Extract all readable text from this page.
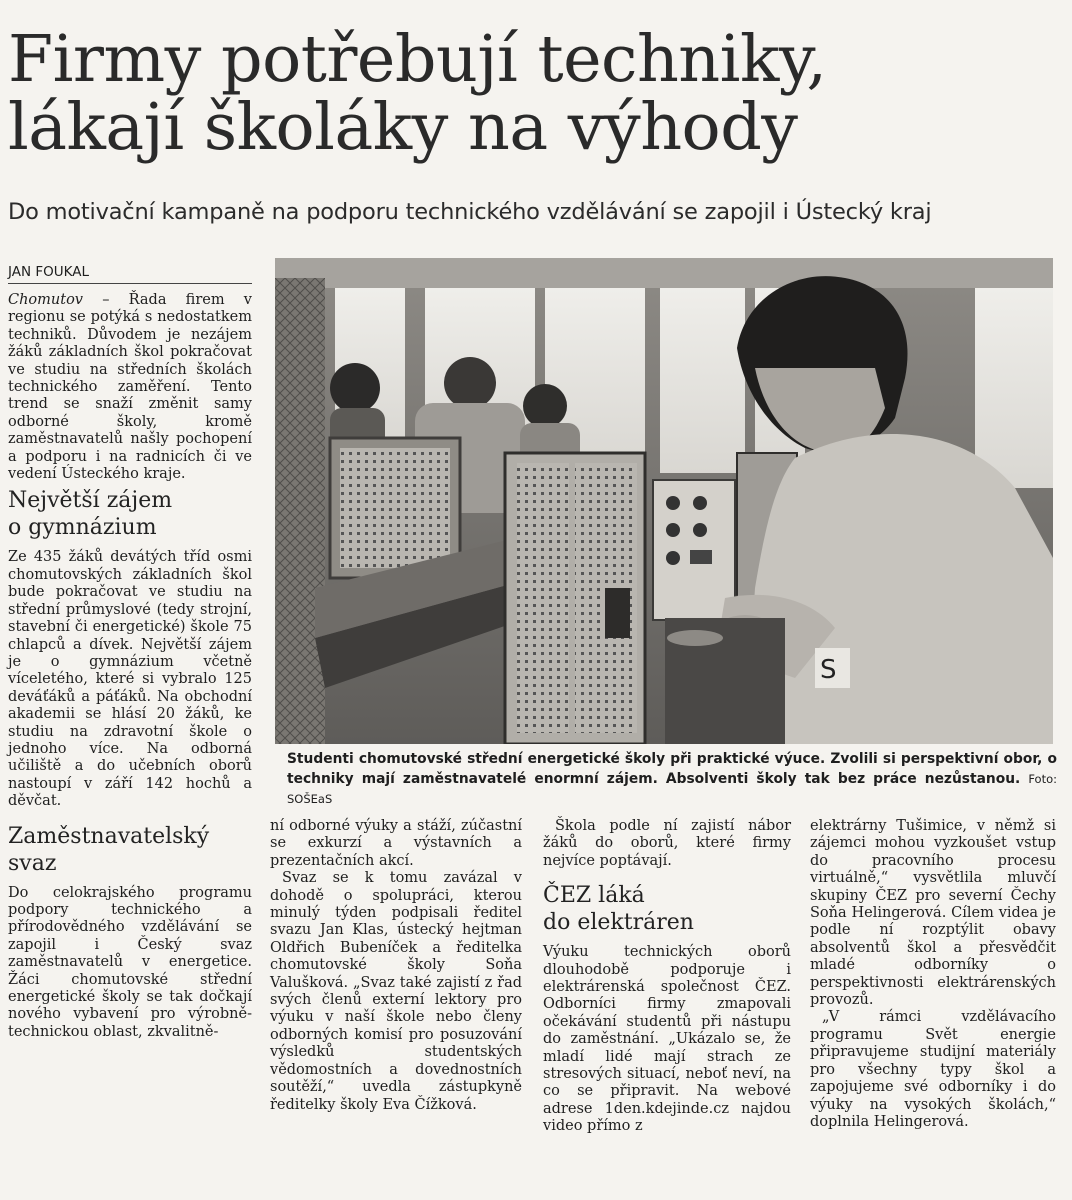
Firmy potřebují techniky,
lákají školáky na výhody
Do motivační kampaně na podporu technického vzdělávání se zapojil i Ústecký kraj
JAN FOUKAL

Chomutov – Řada firem v regionu se potýká s nedostatkem techniků. Důvodem je nezájem žáků základních škol pokračovat ve studiu na středních školách technického zaměření. Tento trend se snaží změnit samy odborné školy, kromě zaměstnavatelů našly pochopení a podporu i na radnicích či ve vedení Ústeckého kraje.

Největší zájem
o gymnázium

Ze 435 žáků devátých tříd osmi chomutovských základních škol bude pokračovat ve studiu na střední průmyslové (tedy strojní, stavební či energetické) škole 75 chlapců a dívek. Největší zájem je o gymnázium včetně víceletého, které si vybralo 125 deváťáků a páťáků. Na obchodní akademii se hlásí 20 žáků, ke studiu na zdravotní škole o jednoho více. Na odborná učiliště a do učebních oborů nastoupí v září 142 hochů a děvčat.

Zaměstnavatelský
svaz

Do celokrajského programu podpory technického a přírodovědného vzdělávání se zapojil i Český svaz zaměstnavatelů v energetice. Žáci chomutovské střední energetické školy se tak dočkají nového vybavení pro výrobně-technickou oblast, zkvalitně-

S
Studenti chomutovské střední energetické školy při praktické výuce. Zvolili si perspektivní obor, o techniky mají zaměstnavatelé enormní zájem. Absolventi školy tak bez práce nezůstanou. Foto: SOŠEaS

ní odborné výuky a stáží, zúčastní se exkurzí a výstavních a prezentačních akcí.

Svaz se k tomu zavázal v dohodě o spolupráci, kterou minulý týden podpisali ředitel svazu Jan Klas, ústecký hejtman Oldřich Bubeníček a ředitelka chomutovské školy Soňa Valušková. „Svaz také zajistí z řad svých členů externí lektory pro výuku v naší škole nebo členy odborných komisí pro posuzování výsledků studentských vědomostních a dovednostních soutěží,“ uvedla zástupkyně ředitelky školy Eva Čížková.

Škola podle ní zajistí nábor žáků do oborů, které firmy nejvíce poptávají.

ČEZ láká
do elektráren

Výuku technických oborů dlouhodobě podporuje i elektrárenská společnost ČEZ. Odborníci firmy zmapovali očekávání studentů při nástupu do zaměstnání. „Ukázalo se, že mladí lidé mají strach ze stresových situací, neboť neví, na co se připravit. Na webové adrese 1den.kdejinde.cz najdou video přímo z

elektrárny Tušimice, v němž si zájemci mohou vyzkoušet vstup do pracovního procesu virtuálně,“ vysvětlila mluvčí skupiny ČEZ pro severní Čechy Soňa Helingerová. Cílem videa je podle ní rozptýlit obavy absolventů škol a přesvědčit mladé odborníky o perspektivnosti elektrárenských provozů.

„V rámci vzdělávacího programu Svět energie připravujeme studijní materiály pro všechny typy škol a zapojujeme své odborníky i do výuky na vysokých školách,“ doplnila Helingerová.
